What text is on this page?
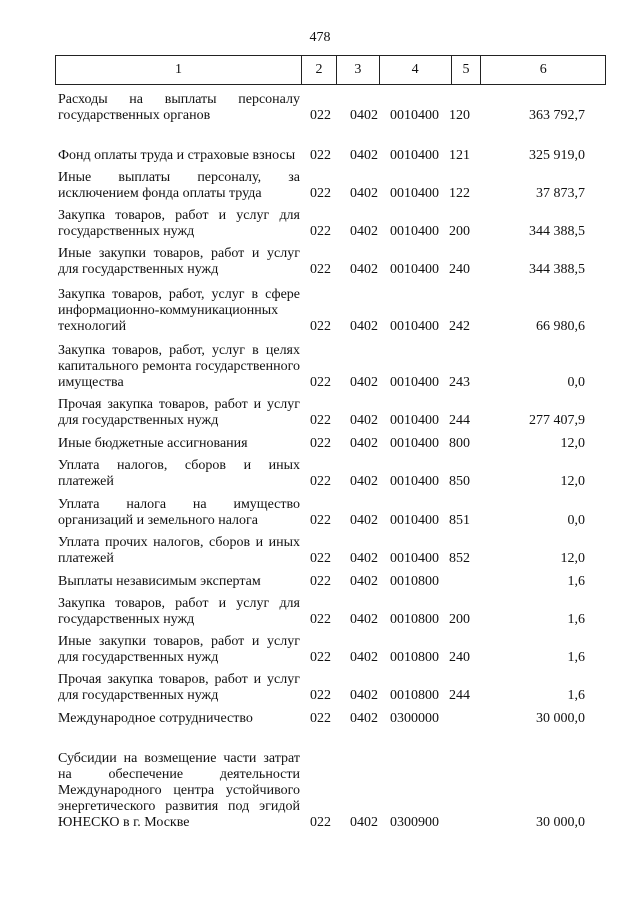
478
1	2	3	4	5	6
Расходы на выплаты персоналу государственных органов	022 0402 0010400 120	363 792,7
Фонд оплаты труда и страховые взносы	022 0402 0010400 121	325 919,0
Иные выплаты персоналу, за исключением фонда оплаты труда	022 0402 0010400 122	37 873,7
Закупка товаров, работ и услуг для государственных нужд	022 0402 0010400 200	344 388,5
Иные закупки товаров, работ и услуг для государственных нужд	022 0402 0010400 240	344 388,5
Закупка товаров, работ, услуг в сфере информационно-коммуникационных технологий	022 0402 0010400 242	66 980,6
Закупка товаров, работ, услуг в целях капитального ремонта государственного имущества	022 0402 0010400 243	0,0
Прочая закупка товаров, работ и услуг для государственных нужд	022 0402 0010400 244	277 407,9
Иные бюджетные ассигнования	022 0402 0010400 800	12,0
Уплата налогов, сборов и иных платежей	022 0402 0010400 850	12,0
Уплата налога на имущество организаций и земельного налога	022 0402 0010400 851	0,0
Уплата прочих налогов, сборов и иных платежей	022 0402 0010400 852	12,0
Выплаты независимым экспертам	022 0402 0010800	1,6
Закупка товаров, работ и услуг для государственных нужд	022 0402 0010800 200	1,6
Иные закупки товаров, работ и услуг для государственных нужд	022 0402 0010800 240	1,6
Прочая закупка товаров, работ и услуг для государственных нужд	022 0402 0010800 244	1,6
Международное сотрудничество	022 0402 0300000	30 000,0
Субсидии на возмещение части затрат на обеспечение деятельности Международного центра устойчивого энергетического развития под эгидой ЮНЕСКО в г. Москве	022 0402 0300900	30 000,0
